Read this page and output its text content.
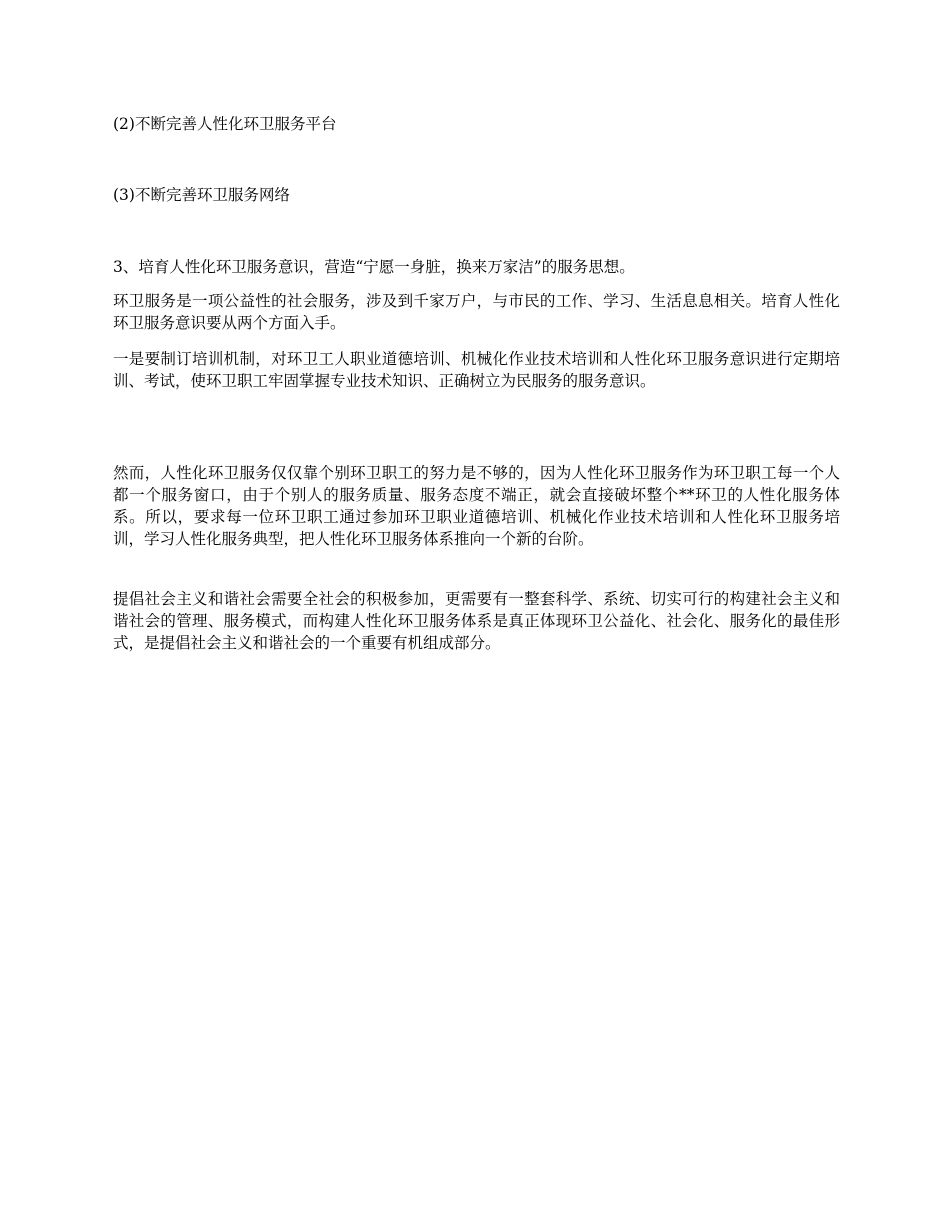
(2)不断完善人性化环卫服务平台

(3)不断完善环卫服务网络

3、培育人性化环卫服务意识，营造“宁愿一身脏，换来万家洁”的服务思想。

环卫服务是一项公益性的社会服务，涉及到千家万户，与市民的工作、学习、生活息息相关。培育人性化环卫服务意识要从两个方面入手。

一是要制订培训机制，对环卫工人职业道德培训、机械化作业技术培训和人性化环卫服务意识进行定期培训、考试，使环卫职工牢固掌握专业技术知识、正确树立为民服务的服务意识。

然而，人性化环卫服务仅仅靠个别环卫职工的努力是不够的，因为人性化环卫服务作为环卫职工每一个人都一个服务窗口，由于个别人的服务质量、服务态度不端正，就会直接破坏整个**环卫的人性化服务体系。所以，要求每一位环卫职工通过参加环卫职业道德培训、机械化作业技术培训和人性化环卫服务培训，学习人性化服务典型，把人性化环卫服务体系推向一个新的台阶。

提倡社会主义和谐社会需要全社会的积极参加，更需要有一整套科学、系统、切实可行的构建社会主义和谐社会的管理、服务模式，而构建人性化环卫服务体系是真正体现环卫公益化、社会化、服务化的最佳形式，是提倡社会主义和谐社会的一个重要有机组成部分。
